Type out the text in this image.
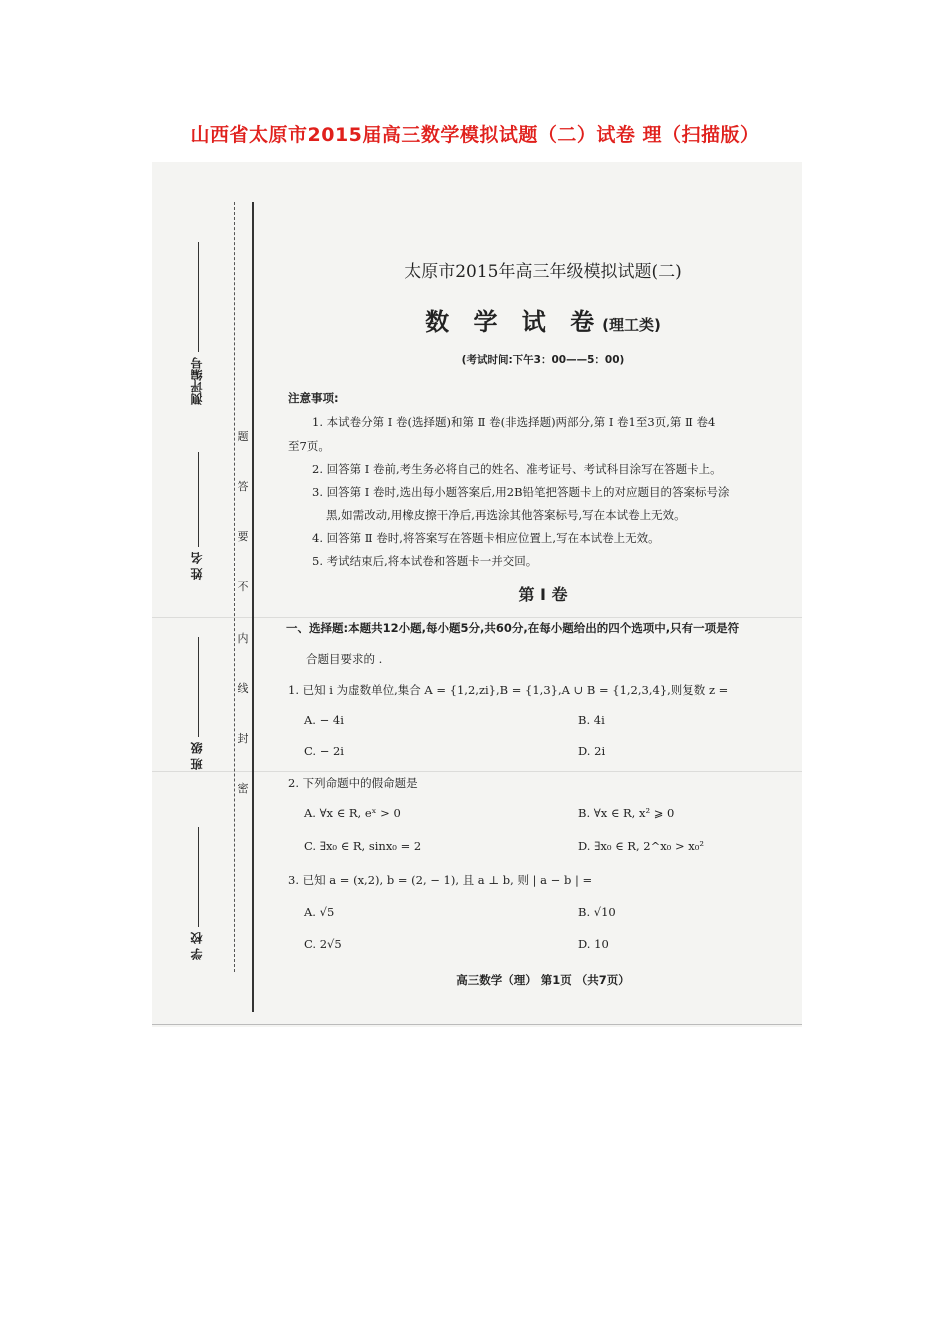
山西省太原市2015届高三数学模拟试题（二）试卷 理（扫描版）
测评编号
姓 名
班 级
学 校
题
答
要
不
内
线
封
密
太原市2015年高三年级模拟试题(二)
数 学 试 卷(理工类)
(考试时间:下午3：00——5：00)
注意事项:
1. 本试卷分第 Ⅰ 卷(选择题)和第 Ⅱ 卷(非选择题)两部分,第 Ⅰ 卷1至3页,第 Ⅱ 卷4
至7页。
2. 回答第 Ⅰ 卷前,考生务必将自己的姓名、准考证号、考试科目涂写在答题卡上。
3. 回答第 Ⅰ 卷时,选出每小题答案后,用2B铅笔把答题卡上的对应题目的答案标号涂
黑,如需改动,用橡皮擦干净后,再选涂其他答案标号,写在本试卷上无效。
4. 回答第 Ⅱ 卷时,将答案写在答题卡相应位置上,写在本试卷上无效。
5. 考试结束后,将本试卷和答题卡一并交回。
第 Ⅰ 卷
一、选择题:本题共12小题,每小题5分,共60分,在每小题给出的四个选项中,只有一项是符
合题目要求的 .
1. 已知 i 为虚数单位,集合 A = {1,2,zi},B = {1,3},A ∪ B = {1,2,3,4},则复数 z =
A. − 4i	B. 4i
C. − 2i	D. 2i
2. 下列命题中的假命题是
A. ∀x ∈ R, eˣ > 0	B. ∀x ∈ R, x² ⩾ 0
C. ∃x₀ ∈ R, sinx₀ = 2	D. ∃x₀ ∈ R, 2^x₀ > x₀²
3. 已知 a = (x,2), b = (2, − 1), 且 a ⊥ b, 则 | a − b | =
A. √5	B. √10
C. 2√5	D. 10
高三数学（理） 第1页 （共7页）
